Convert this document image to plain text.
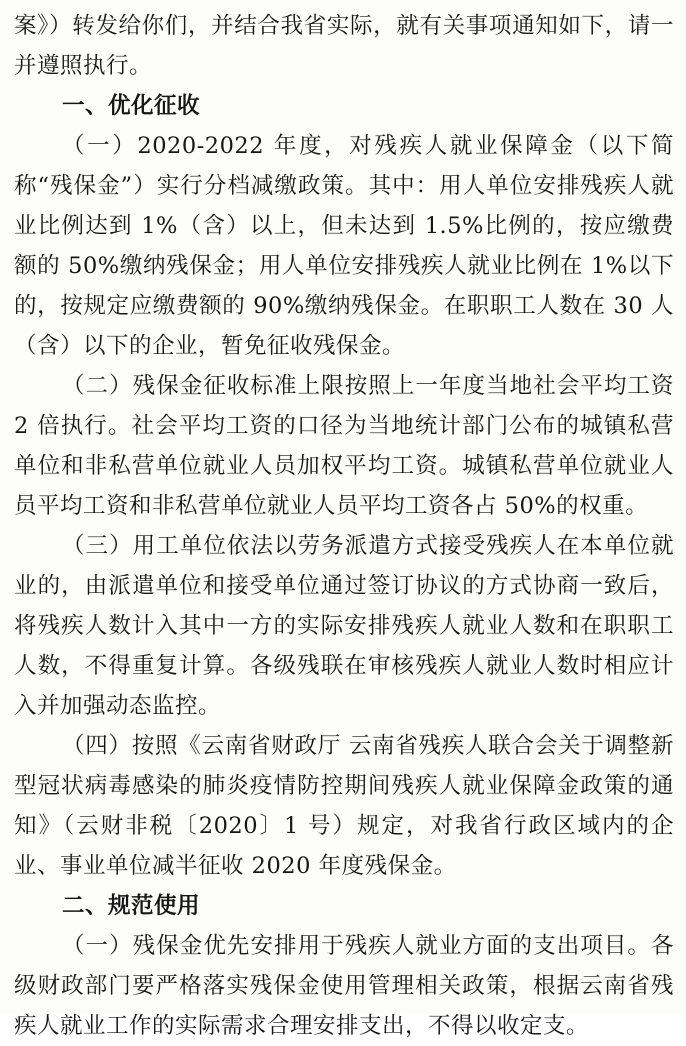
案》）转发给你们，并结合我省实际，就有关事项通知如下，请一并遵照执行。

一、优化征收

（一）2020-2022 年度，对残疾人就业保障金（以下简称“残保金”）实行分档减缴政策。其中：用人单位安排残疾人就业比例达到 1%（含）以上，但未达到 1.5%比例的，按应缴费额的 50%缴纳残保金；用人单位安排残疾人就业比例在 1%以下的，按规定应缴费额的 90%缴纳残保金。在职职工人数在 30 人（含）以下的企业，暂免征收残保金。

（二）残保金征收标准上限按照上一年度当地社会平均工资 2 倍执行。社会平均工资的口径为当地统计部门公布的城镇私营单位和非私营单位就业人员加权平均工资。城镇私营单位就业人员平均工资和非私营单位就业人员平均工资各占 50%的权重。

（三）用工单位依法以劳务派遣方式接受残疾人在本单位就业的，由派遣单位和接受单位通过签订协议的方式协商一致后，将残疾人数计入其中一方的实际安排残疾人就业人数和在职职工人数，不得重复计算。各级残联在审核残疾人就业人数时相应计入并加强动态监控。

（四）按照《云南省财政厅 云南省残疾人联合会关于调整新型冠状病毒感染的肺炎疫情防控期间残疾人就业保障金政策的通知》（云财非税〔2020〕1 号）规定，对我省行政区域内的企业、事业单位减半征收 2020 年度残保金。

二、规范使用

（一）残保金优先安排用于残疾人就业方面的支出项目。各级财政部门要严格落实残保金使用管理相关政策，根据云南省残疾人就业工作的实际需求合理安排支出，不得以收定支。
